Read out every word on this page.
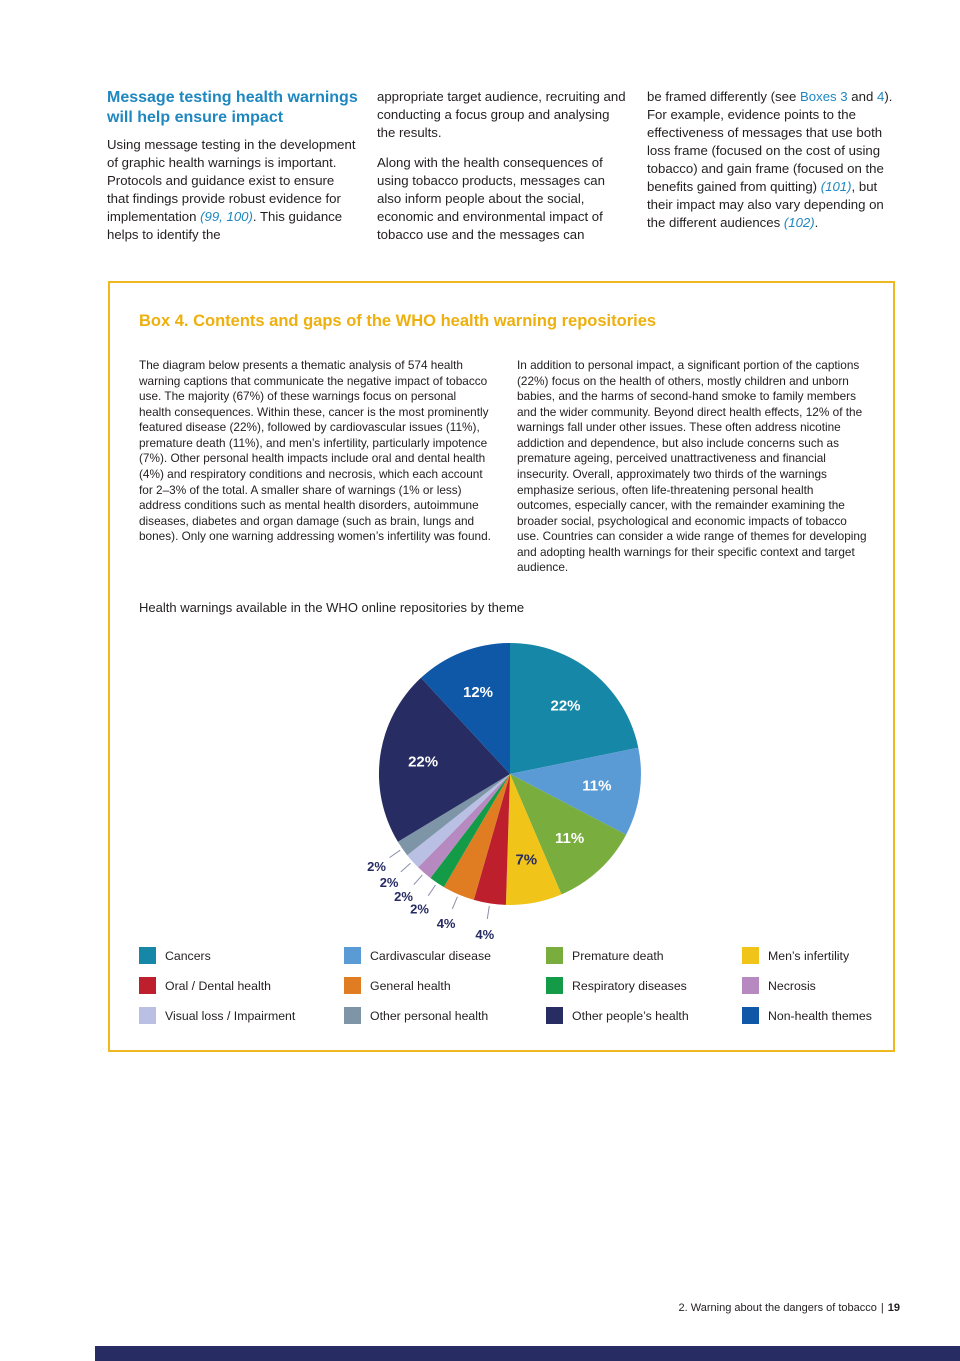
Message testing health warnings will help ensure impact

Using message testing in the development of graphic health warnings is important. Protocols and guidance exist to ensure that findings provide robust evidence for implementation (99, 100). This guidance helps to identify the

appropriate target audience, recruiting and conducting a focus group and analysing the results.

Along with the health consequences of using tobacco products, messages can also inform people about the social, economic and environmental impact of tobacco use and the messages can

be framed differently (see Boxes 3 and 4). For example, evidence points to the effectiveness of messages that use both loss frame (focused on the cost of using tobacco) and gain frame (focused on the benefits gained from quitting) (101), but their impact may also vary depending on the different audiences (102).

Box 4. Contents and gaps of the WHO health warning repositories
The diagram below presents a thematic analysis of 574 health warning captions that communicate the negative impact of tobacco use. The majority (67%) of these warnings focus on personal health consequences. Within these, cancer is the most prominently featured disease (22%), followed by cardiovascular issues (11%), premature death (11%), and men’s infertility, particularly impotence (7%). Other personal health impacts include oral and dental health (4%) and respiratory conditions and necrosis, which each account for 2–3% of the total. A smaller share of warnings (1% or less) address conditions such as mental health disorders, autoimmune diseases, diabetes and organ damage (such as brain, lungs and bones). Only one warning addressing women’s infertility was found.
In addition to personal impact, a significant portion of the captions (22%) focus on the health of others, mostly children and unborn babies, and the harms of second-hand smoke to family members and the wider community. Beyond direct health effects, 12% of the warnings fall under other issues. These often address nicotine addiction and dependence, but also include concerns such as premature ageing, perceived unattractiveness and financial insecurity. Overall, approximately two thirds of the warnings emphasize serious, often life-threatening personal health outcomes, especially cancer, with the remainder examining the broader social, psychological and economic impacts of tobacco use. Countries can consider a wide range of themes for developing and adopting health warnings for their specific context and target audience.
Health warnings available in the WHO online repositories by theme
22%
11%
11%
7%
4%
4%
2%
2%
2%
2%
22%
12%
Cancers	Cardivascular disease	Premature death	Men’s infertility
Oral / Dental health	General health	Respiratory diseases	Necrosis
Visual loss / Impairment	Other personal health	Other people’s health	Non-health themes
2. Warning about the dangers of tobacco | 19
